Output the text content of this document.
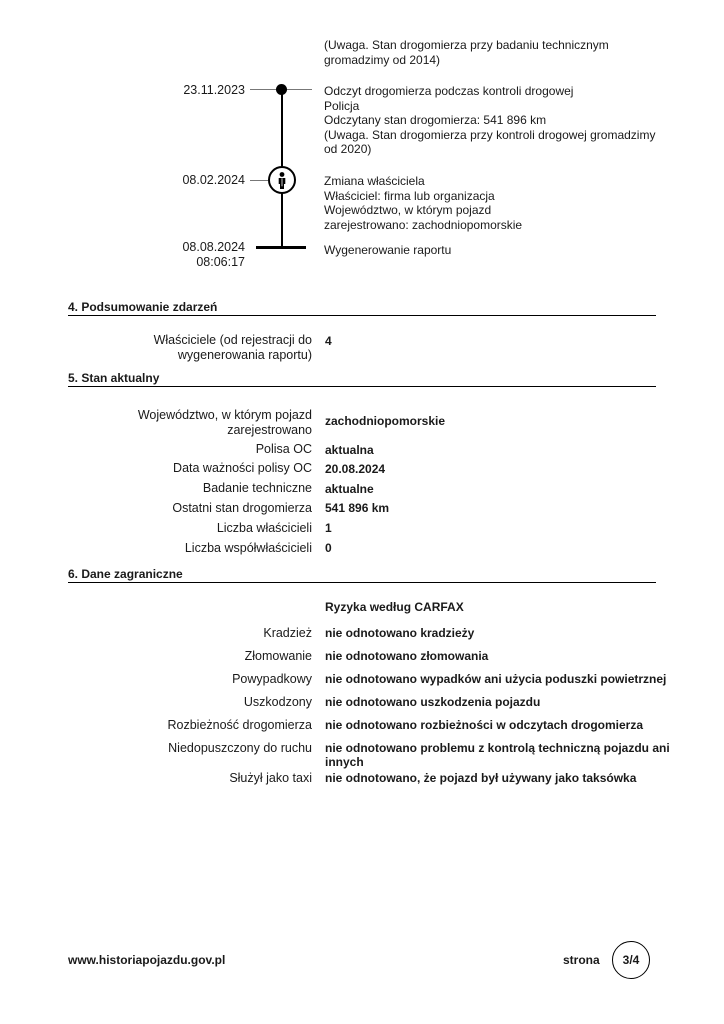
(Uwaga. Stan drogomierza przy badaniu technicznym
gromadzimy od 2014)
23.11.2023	Odczyt drogomierza podczas kontroli drogowej
Policja
Odczytany stan drogomierza: 541 896 km
(Uwaga. Stan drogomierza przy kontroli drogowej gromadzimy
od 2020)
08.02.2024	Zmiana właściciela
Właściciel: firma lub organizacja
Województwo, w którym pojazd
zarejestrowano: zachodniopomorskie
08.08.2024
08:06:17
Wygenerowanie raportu
4. Podsumowanie zdarzeń
Właściciele (od rejestracji do
wygenerowania raportu)
4
5. Stan aktualny
Województwo, w którym pojazd
zarejestrowano
zachodniopomorskie
Polisa OC aktualna
Data ważności polisy OC 20.08.2024
Badanie techniczne aktualne
Ostatni stan drogomierza 541 896 km
Liczba właścicieli 1
Liczba współwłaścicieli 0
6. Dane zagraniczne
Ryzyka według CARFAX
Kradzież nie odnotowano kradzieży
Złomowanie nie odnotowano złomowania
Powypadkowy nie odnotowano wypadków ani użycia poduszki powietrznej
Uszkodzony nie odnotowano uszkodzenia pojazdu
Rozbieżność drogomierza nie odnotowano rozbieżności w odczytach drogomierza
Niedopuszczony do ruchu nie odnotowano problemu z kontrolą techniczną pojazdu ani
innych
Służył jako taxi nie odnotowano, że pojazd był używany jako taksówka
www.historiapojazdu.gov.pl	strona	3/4
